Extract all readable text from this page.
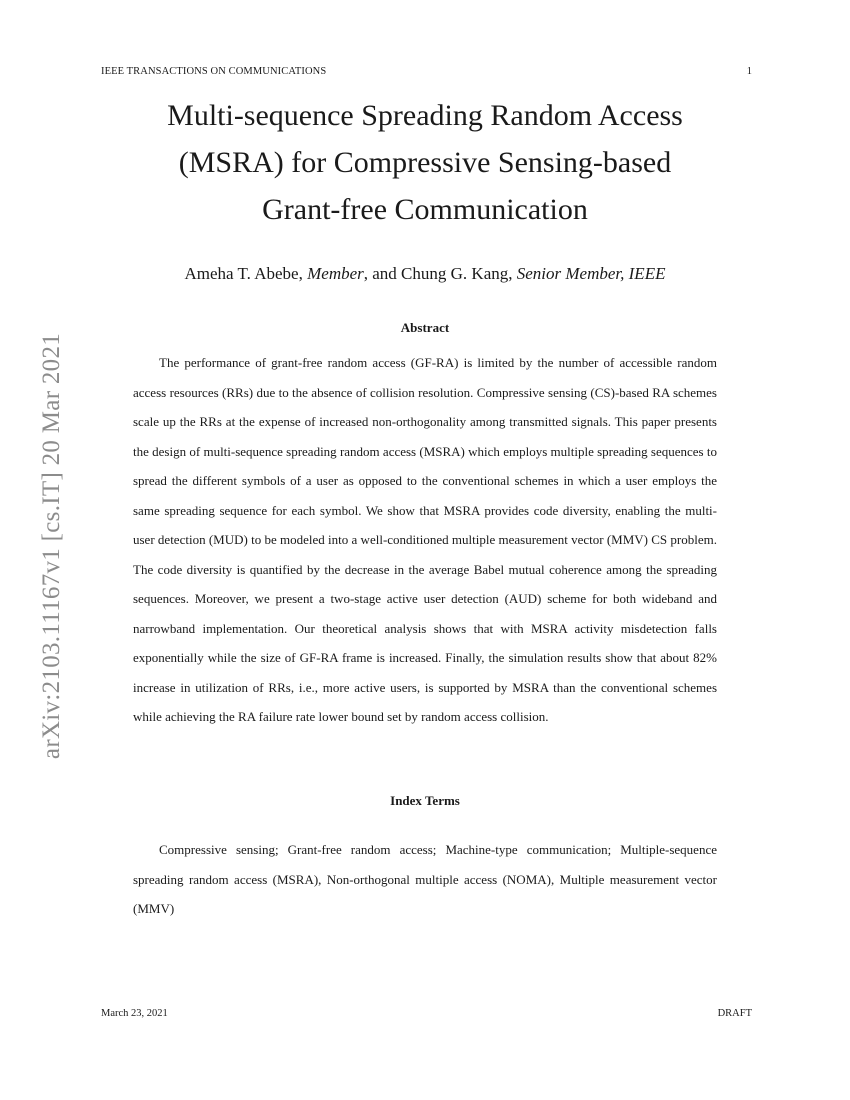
IEEE TRANSACTIONS ON COMMUNICATIONS	1
Multi-sequence Spreading Random Access
(MSRA) for Compressive Sensing-based
Grant-free Communication
Ameha T. Abebe, Member, and Chung G. Kang, Senior Member, IEEE
arXiv:2103.11167v1 [cs.IT] 20 Mar 2021
Abstract

The performance of grant-free random access (GF-RA) is limited by the number of accessible random access resources (RRs) due to the absence of collision resolution. Compressive sensing (CS)-based RA schemes scale up the RRs at the expense of increased non-orthogonality among transmitted signals. This paper presents the design of multi-sequence spreading random access (MSRA) which employs multiple spreading sequences to spread the different symbols of a user as opposed to the conventional schemes in which a user employs the same spreading sequence for each symbol. We show that MSRA provides code diversity, enabling the multi-user detection (MUD) to be modeled into a well-conditioned multiple measurement vector (MMV) CS problem. The code diversity is quantified by the decrease in the average Babel mutual coherence among the spreading sequences. Moreover, we present a two-stage active user detection (AUD) scheme for both wideband and narrowband implementation. Our theoretical analysis shows that with MSRA activity misdetection falls exponentially while the size of GF-RA frame is increased. Finally, the simulation results show that about 82% increase in utilization of RRs, i.e., more active users, is supported by MSRA than the conventional schemes while achieving the RA failure rate lower bound set by random access collision.

Index Terms

Compressive sensing; Grant-free random access; Machine-type communication; Multiple-sequence spreading random access (MSRA), Non-orthogonal multiple access (NOMA), Multiple measurement vector (MMV)

March 23, 2021	DRAFT
